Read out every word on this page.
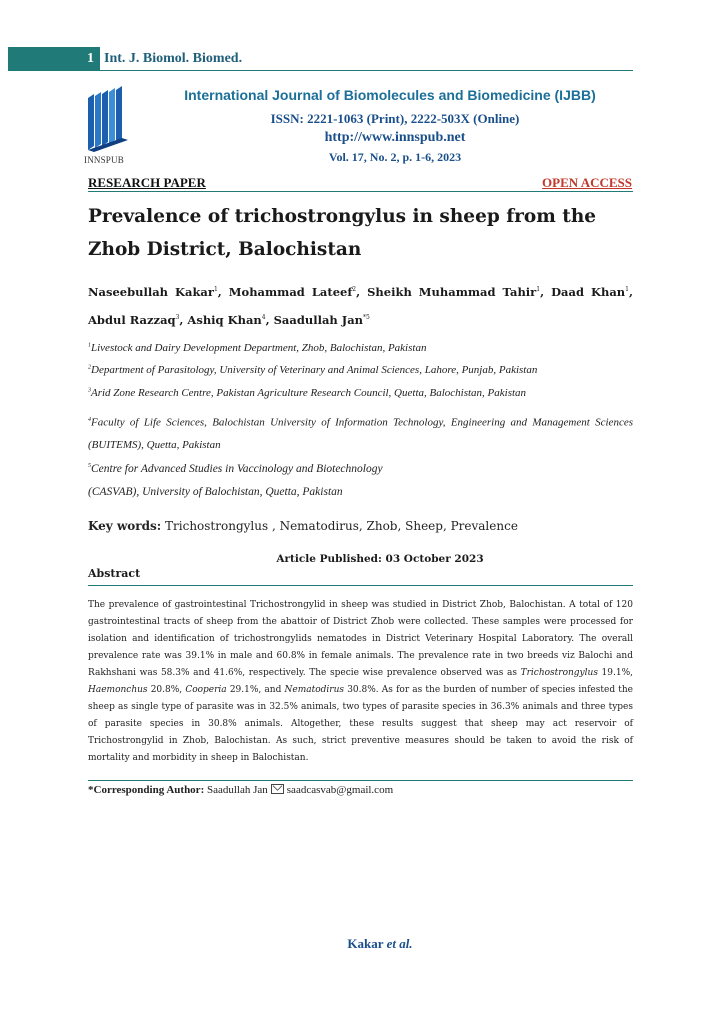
1 Int. J. Biomol. Biomed.
INNSPUB
International Journal of Biomolecules and Biomedicine (IJBB)
ISSN: 2221-1063 (Print), 2222-503X (Online)
http://www.innspub.net
Vol. 17, No. 2, p. 1-6, 2023
RESEARCH PAPER	OPEN ACCESS
Prevalence of trichostrongylus in sheep from the Zhob District, Balochistan
Naseebullah Kakar$^1$, Mohammad Lateef$^2$, Sheikh Muhammad Tahir$^1$, Daad Khan$^1$, Abdul Razzaq$^3$, Ashiq Khan$^4$, Saadullah Jan$^{*5}$
$^1$Livestock and Dairy Development Department, Zhob, Balochistan, Pakistan
$^2$Department of Parasitology, University of Veterinary and Animal Sciences, Lahore, Punjab, Pakistan
$^3$Arid Zone Research Centre, Pakistan Agriculture Research Council, Quetta, Balochistan, Pakistan
$^4$Faculty of Life Sciences, Balochistan University of Information Technology, Engineering and Management Sciences (BUITEMS), Quetta, Pakistan
$^5$Centre for Advanced Studies in Vaccinology and Biotechnology (CASVAB), University of Balochistan, Quetta, Pakistan
Key words: Trichostrongylus , Nematodirus, Zhob, Sheep, Prevalence
Article Published: 03 October 2023
Abstract
The prevalence of gastrointestinal Trichostrongylid in sheep was studied in District Zhob, Balochistan. A total of 120 gastrointestinal tracts of sheep from the abattoir of District Zhob were collected. These samples were processed for isolation and identification of trichostrongylids nematodes in District Veterinary Hospital Laboratory. The overall prevalence rate was 39.1% in male and 60.8% in female animals. The prevalence rate in two breeds viz Balochi and Rakhshani was 58.3% and 41.6%, respectively. The specie wise prevalence observed was as Trichostrongylus 19.1%, Haemonchus 20.8%, Cooperia 29.1%, and Nematodirus 30.8%. As for as the burden of number of species infested the sheep as single type of parasite was in 32.5% animals, two types of parasite species in 36.3% animals and three types of parasite species in 30.8% animals. Altogether, these results suggest that sheep may act reservoir of Trichostrongylid in Zhob, Balochistan. As such, strict preventive measures should be taken to avoid the risk of mortality and morbidity in sheep in Balochistan.
*Corresponding Author: Saadullah Jan saadcasvab@gmail.com
Kakar et al.
